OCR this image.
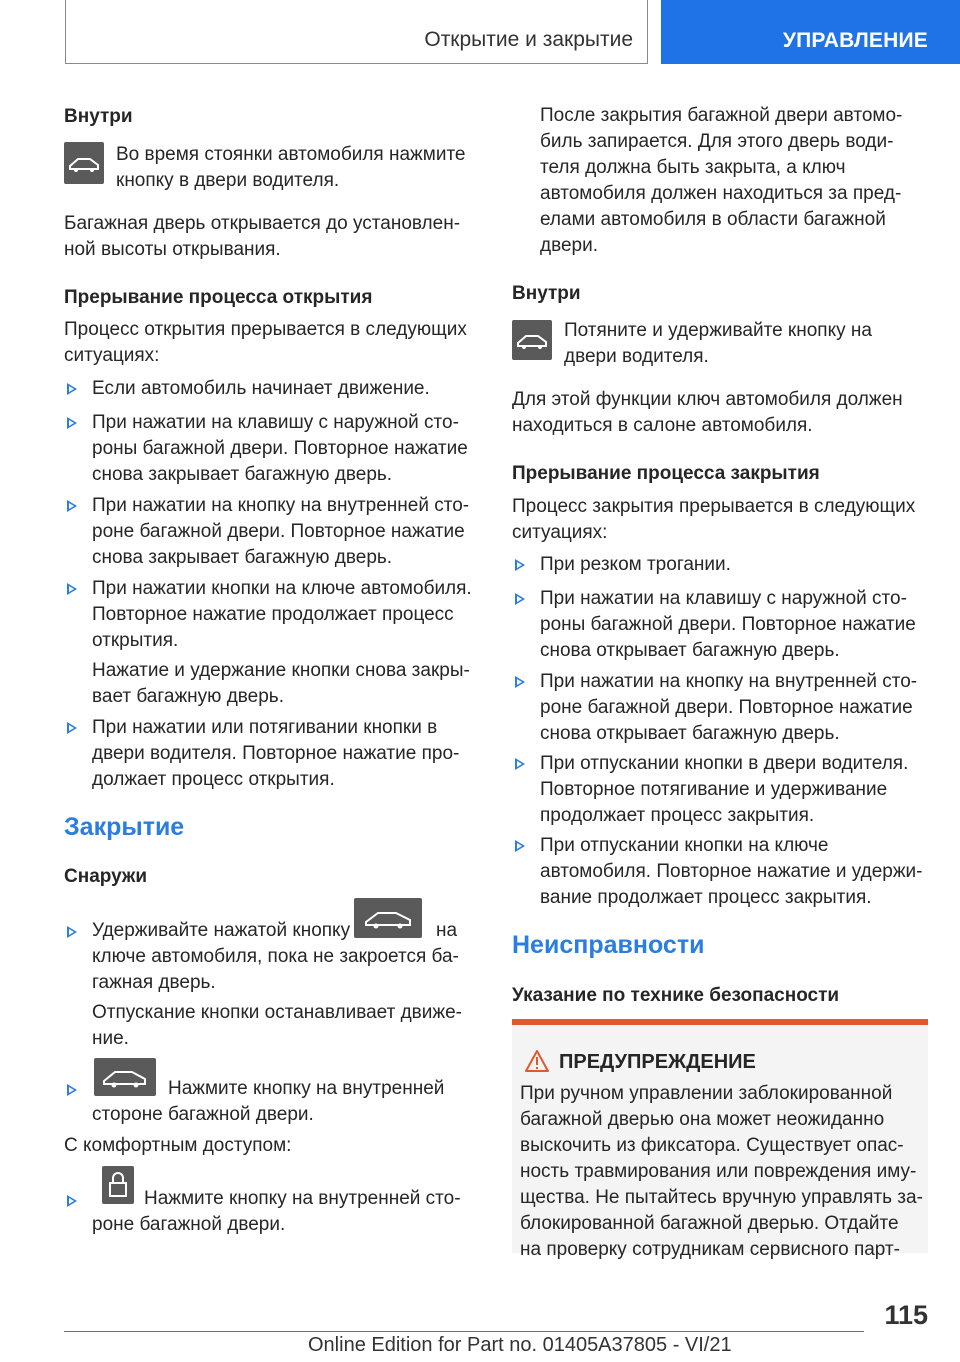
Открытие и закрытие	УПРАВЛЕНИЕ
Внутри
Во время стоянки автомобиля нажмите
кнопку в двери водителя.
Багажная дверь открывается до установлен-
ной высоты открывания.
Прерывание процесса открытия
Процесс открытия прерывается в следующих
ситуациях:
Если автомобиль начинает движение.
При нажатии на клавишу с наружной сто-
роны багажной двери. Повторное нажатие
снова закрывает багажную дверь.
При нажатии на кнопку на внутренней сто-
роне багажной двери. Повторное нажатие
снова закрывает багажную дверь.
При нажатии кнопки на ключе автомобиля.
Повторное нажатие продолжает процесс
открытия.
Нажатие и удержание кнопки снова закры-
вает багажную дверь.
При нажатии или потягивании кнопки в
двери водителя. Повторное нажатие про-
должает процесс открытия.
Закрытие
Снаружи
Удерживайте нажатой кнопку	на
ключе автомобиля, пока не закроется ба-
гажная дверь.
Отпускание кнопки останавливает движе-
ние.
Нажмите кнопку на внутренней
стороне багажной двери.
С комфортным доступом:
Нажмите кнопку на внутренней сто-
роне багажной двери.
После закрытия багажной двери автомо-
биль запирается. Для этого дверь води-
теля должна быть закрыта, а ключ
автомобиля должен находиться за пред-
елами автомобиля в области багажной
двери.
Внутри
Потяните и удерживайте кнопку на
двери водителя.
Для этой функции ключ автомобиля должен
находиться в салоне автомобиля.
Прерывание процесса закрытия
Процесс закрытия прерывается в следующих
ситуациях:
При резком трогании.
При нажатии на клавишу с наружной сто-
роны багажной двери. Повторное нажатие
снова открывает багажную дверь.
При нажатии на кнопку на внутренней сто-
роне багажной двери. Повторное нажатие
снова открывает багажную дверь.
При отпускании кнопки в двери водителя.
Повторное потягивание и удерживание
продолжает процесс закрытия.
При отпускании кнопки на ключе
автомобиля. Повторное нажатие и удержи-
вание продолжает процесс закрытия.
Неисправности
Указание по технике безопасности
ПРЕДУПРЕЖДЕНИЕ
При ручном управлении заблокированной
багажной дверью она может неожиданно
выскочить из фиксатора. Существует опас-
ность травмирования или повреждения иму-
щества. Не пытайтесь вручную управлять за-
блокированной багажной дверью. Отдайте
на проверку сотрудникам сервисного парт-
115
Online Edition for Part no. 01405A37805 - VI/21
